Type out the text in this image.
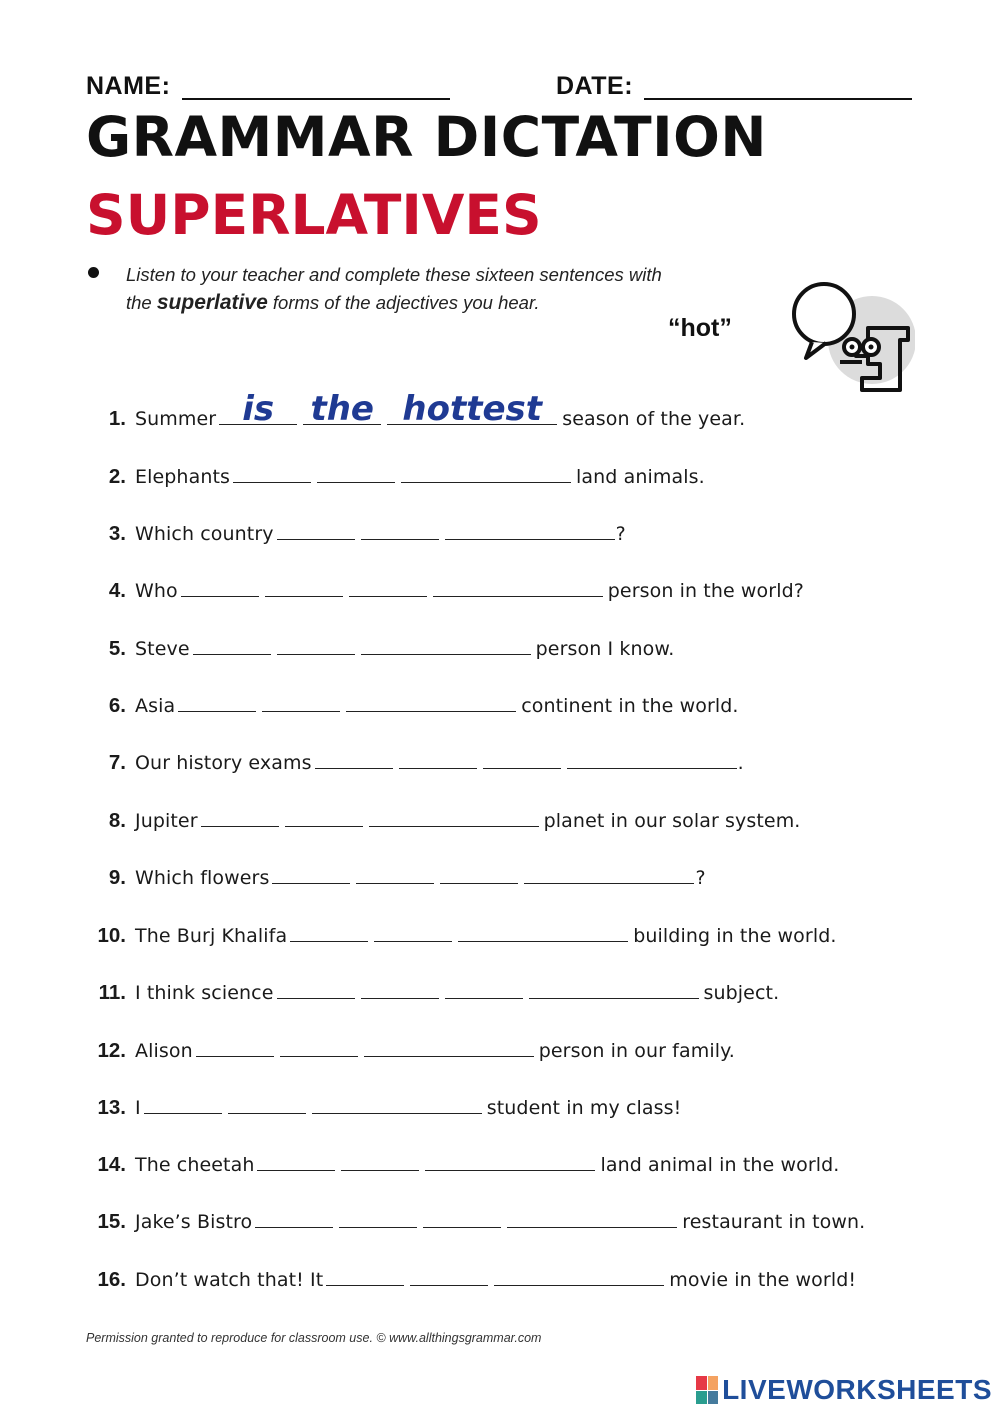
NAME:	DATE:
GRAMMAR DICTATION
SUPERLATIVES
Listen to your teacher and complete these sixteen sentences with
the superlative forms of the adjectives you hear.
“hot”
1. Summer is	the hottest	season of the year.
2. Elephants	land animals.
3. Which country	?
4. Who	person in the world?
5. Steve	person I know.
6. Asia	continent in the world.
7. Our history exams	.
8. Jupiter	planet in our solar system.
9. Which flowers	?
10. The Burj Khalifa	building in the world.
11. I think science	subject.
12. Alison	person in our family.
13. I	student in my class!
14. The cheetah	land animal in the world.
15. Jake’s Bistro	restaurant in town.
16. Don’t watch that! It	movie in the world!
Permission granted to reproduce for classroom use. © www.allthingsgrammar.com
LIVEWORKSHEETS
